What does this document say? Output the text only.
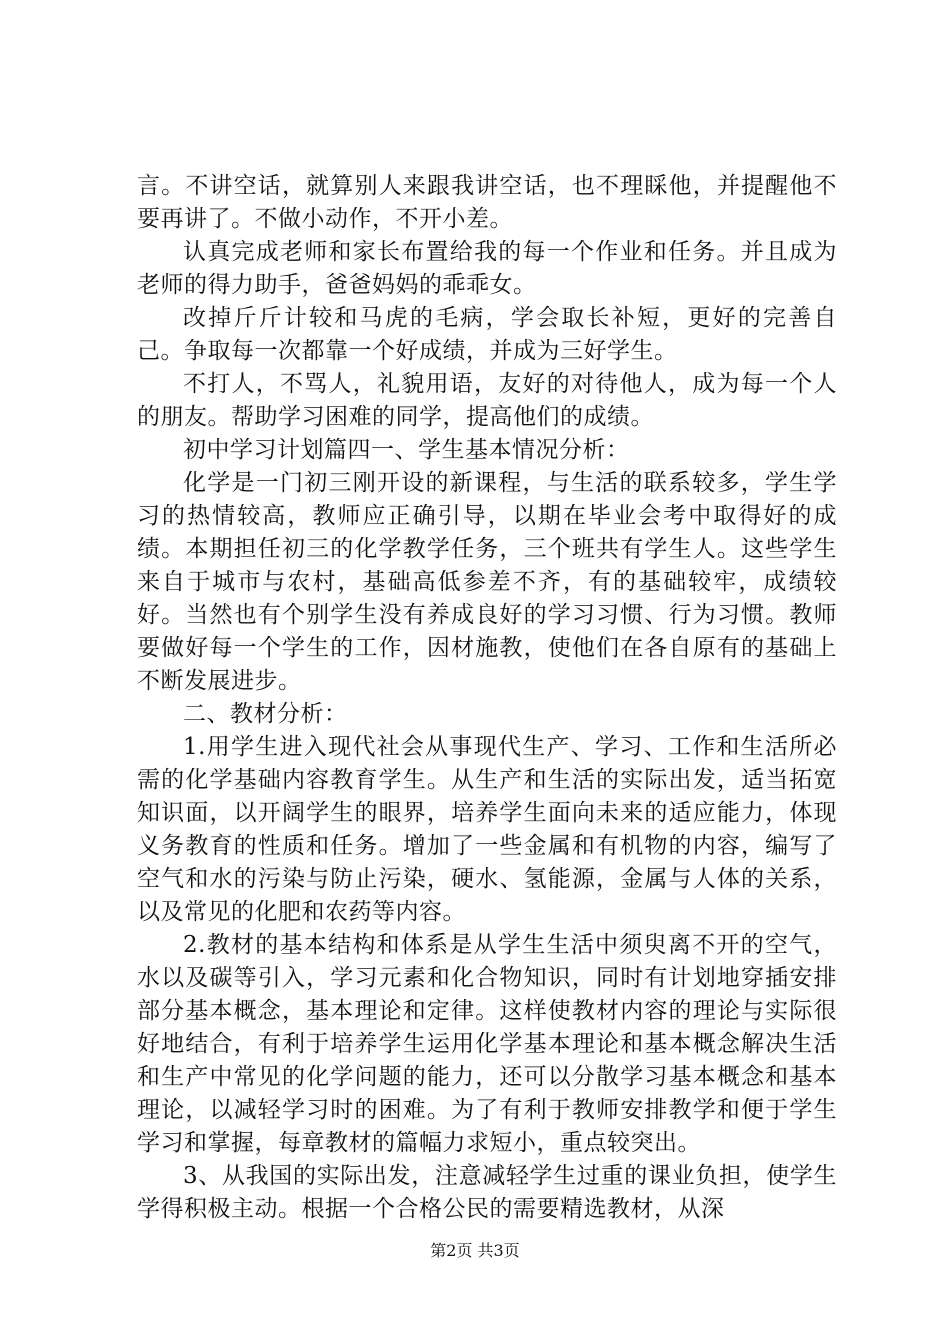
言。不讲空话，就算别人来跟我讲空话，也不理睬他，并提醒他不要再讲了。不做小动作，不开小差。

认真完成老师和家长布置给我的每一个作业和任务。并且成为老师的得力助手，爸爸妈妈的乖乖女。

改掉斤斤计较和马虎的毛病，学会取长补短，更好的完善自己。争取每一次都靠一个好成绩，并成为三好学生。

不打人，不骂人，礼貌用语，友好的对待他人，成为每一个人的朋友。帮助学习困难的同学，提高他们的成绩。

初中学习计划篇四一、学生基本情况分析：

化学是一门初三刚开设的新课程，与生活的联系较多，学生学习的热情较高，教师应正确引导，以期在毕业会考中取得好的成绩。本期担任初三的化学教学任务，三个班共有学生人。这些学生来自于城市与农村，基础高低参差不齐，有的基础较牢，成绩较好。当然也有个别学生没有养成良好的学习习惯、行为习惯。教师要做好每一个学生的工作，因材施教，使他们在各自原有的基础上不断发展进步。

二、教材分析：

1.用学生进入现代社会从事现代生产、学习、工作和生活所必需的化学基础内容教育学生。从生产和生活的实际出发，适当拓宽知识面，以开阔学生的眼界，培养学生面向未来的适应能力，体现义务教育的性质和任务。增加了一些金属和有机物的内容，编写了空气和水的污染与防止污染，硬水、氢能源，金属与人体的关系，以及常见的化肥和农药等内容。

2.教材的基本结构和体系是从学生生活中须臾离不开的空气，水以及碳等引入，学习元素和化合物知识，同时有计划地穿插安排部分基本概念，基本理论和定律。这样使教材内容的理论与实际很好地结合，有利于培养学生运用化学基本理论和基本概念解决生活和生产中常见的化学问题的能力，还可以分散学习基本概念和基本理论，以减轻学习时的困难。为了有利于教师安排教学和便于学生学习和掌握，每章教材的篇幅力求短小，重点较突出。

3、从我国的实际出发，注意减轻学生过重的课业负担，使学生学得积极主动。根据一个合格公民的需要精选教材，从深

第2页 共3页
